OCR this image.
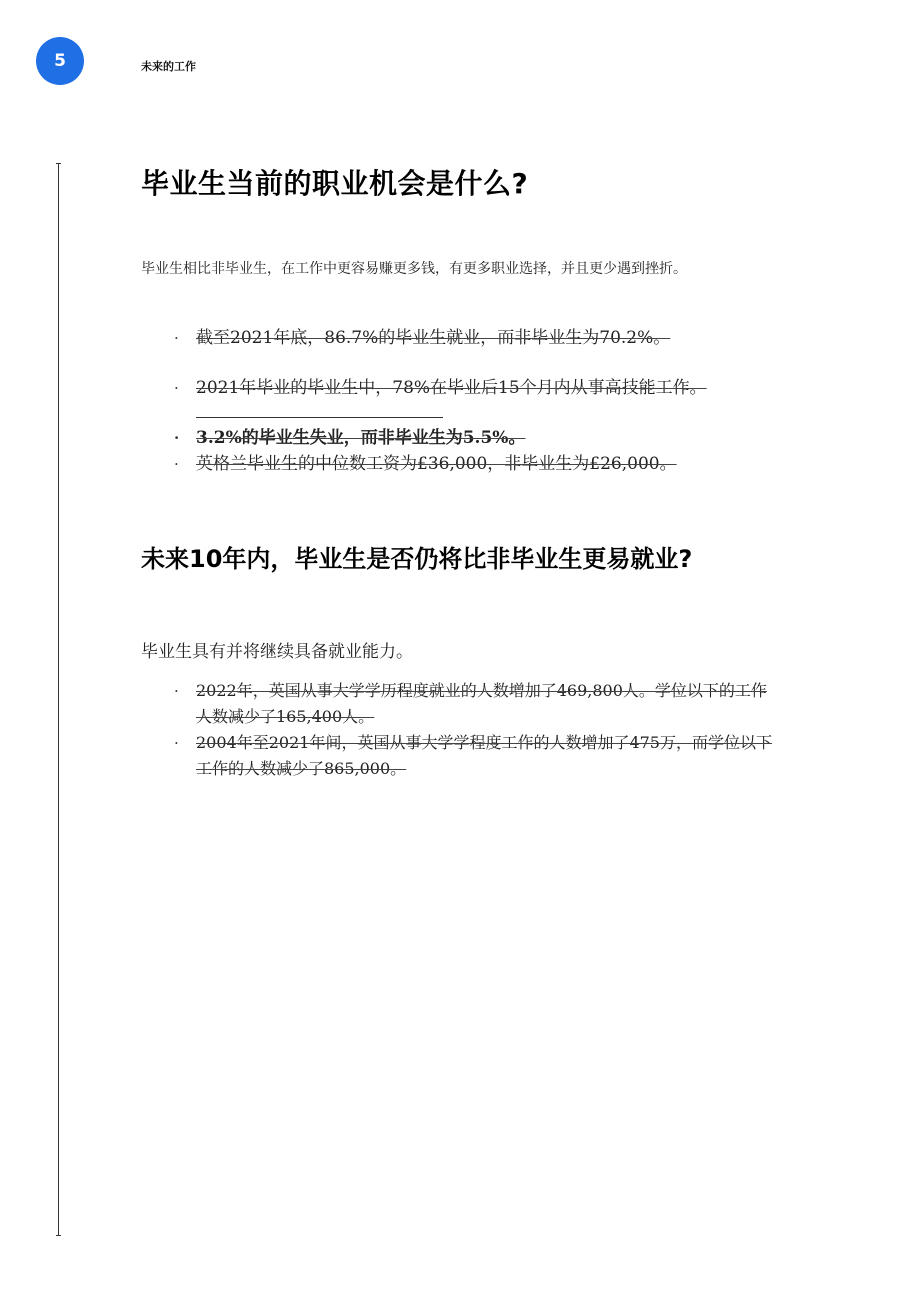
5	未来的工作
毕业生当前的职业机会是什么?

毕业生相比非毕业生，在工作中更容易赚更多钱，有更多职业选择，并且更少遇到挫折。

· 截至2021年底，86.7%的毕业生就业，而非毕业生为70.2%。
· 2021年毕业的毕业生中，78%在毕业后15个月内从事高技能工作。
· 3.2%的毕业生失业，而非毕业生为5.5%。
· 英格兰毕业生的中位数工资为£36,000，非毕业生为£26,000。
未来10年内，毕业生是否仍将比非毕业生更易就业?

毕业生具有并将继续具备就业能力。

· 2022年，英国从事大学学历程度就业的人数增加了469,800人。学位以下的工作人数减少了165,400人。
· 2004年至2021年间，英国从事大学学程度工作的人数增加了475万，而学位以下工作的人数减少了865,000。
